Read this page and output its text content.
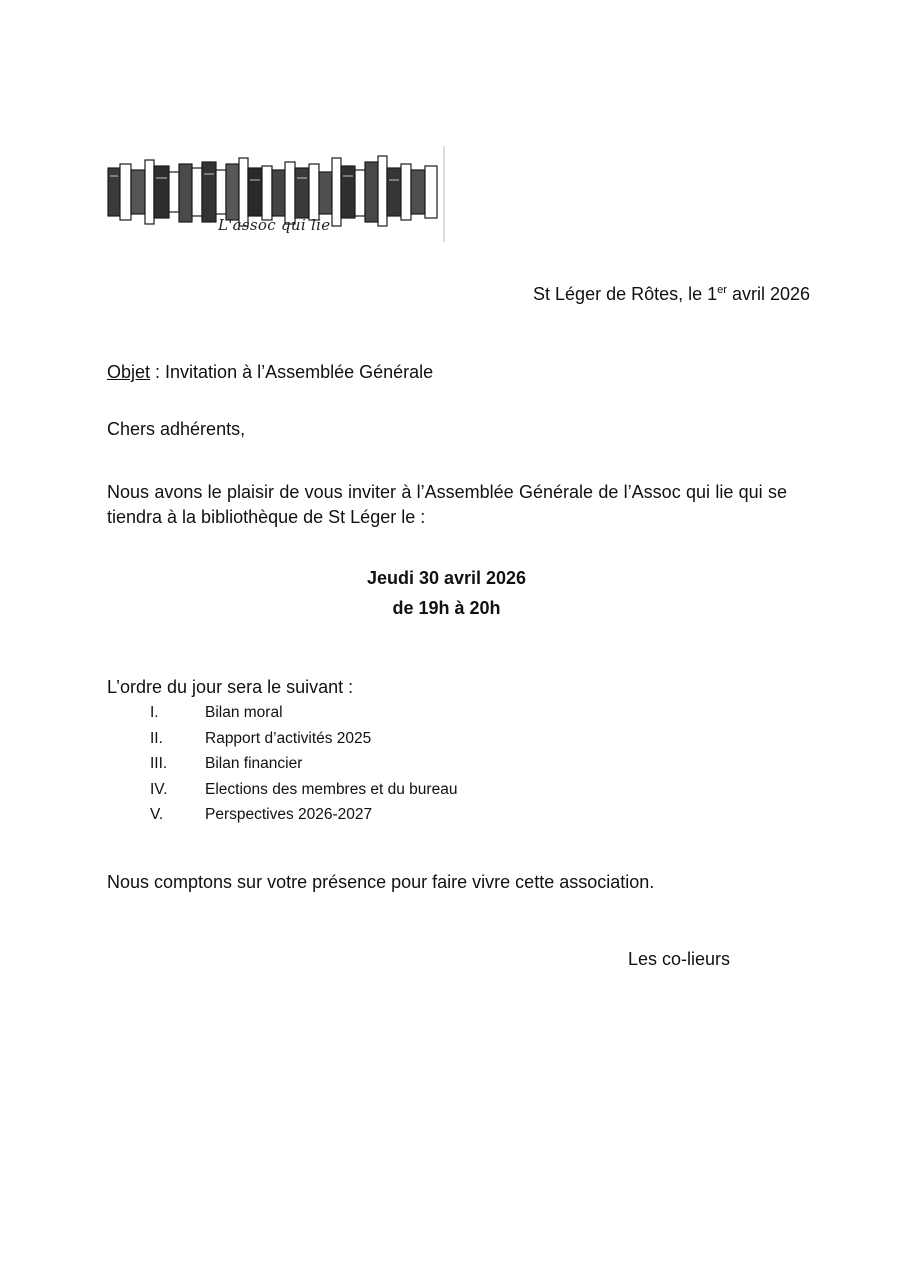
L'assoc qui lie
St Léger de Rôtes, le 1er avril 2026
Objet : Invitation à l’Assemblée Générale
Chers adhérents,
Nous avons le plaisir de vous inviter à l’Assemblée Générale de l’Assoc qui lie qui se tiendra à la bibliothèque de St Léger le :
Jeudi 30 avril 2026
de 19h à 20h
L’ordre du jour sera le suivant :
I.	Bilan moral
II.	Rapport d’activités 2025
III. Bilan financier
IV. Elections des membres et du bureau
V.	Perspectives 2026-2027
Nous comptons sur votre présence pour faire vivre cette association.
Les co-lieurs
